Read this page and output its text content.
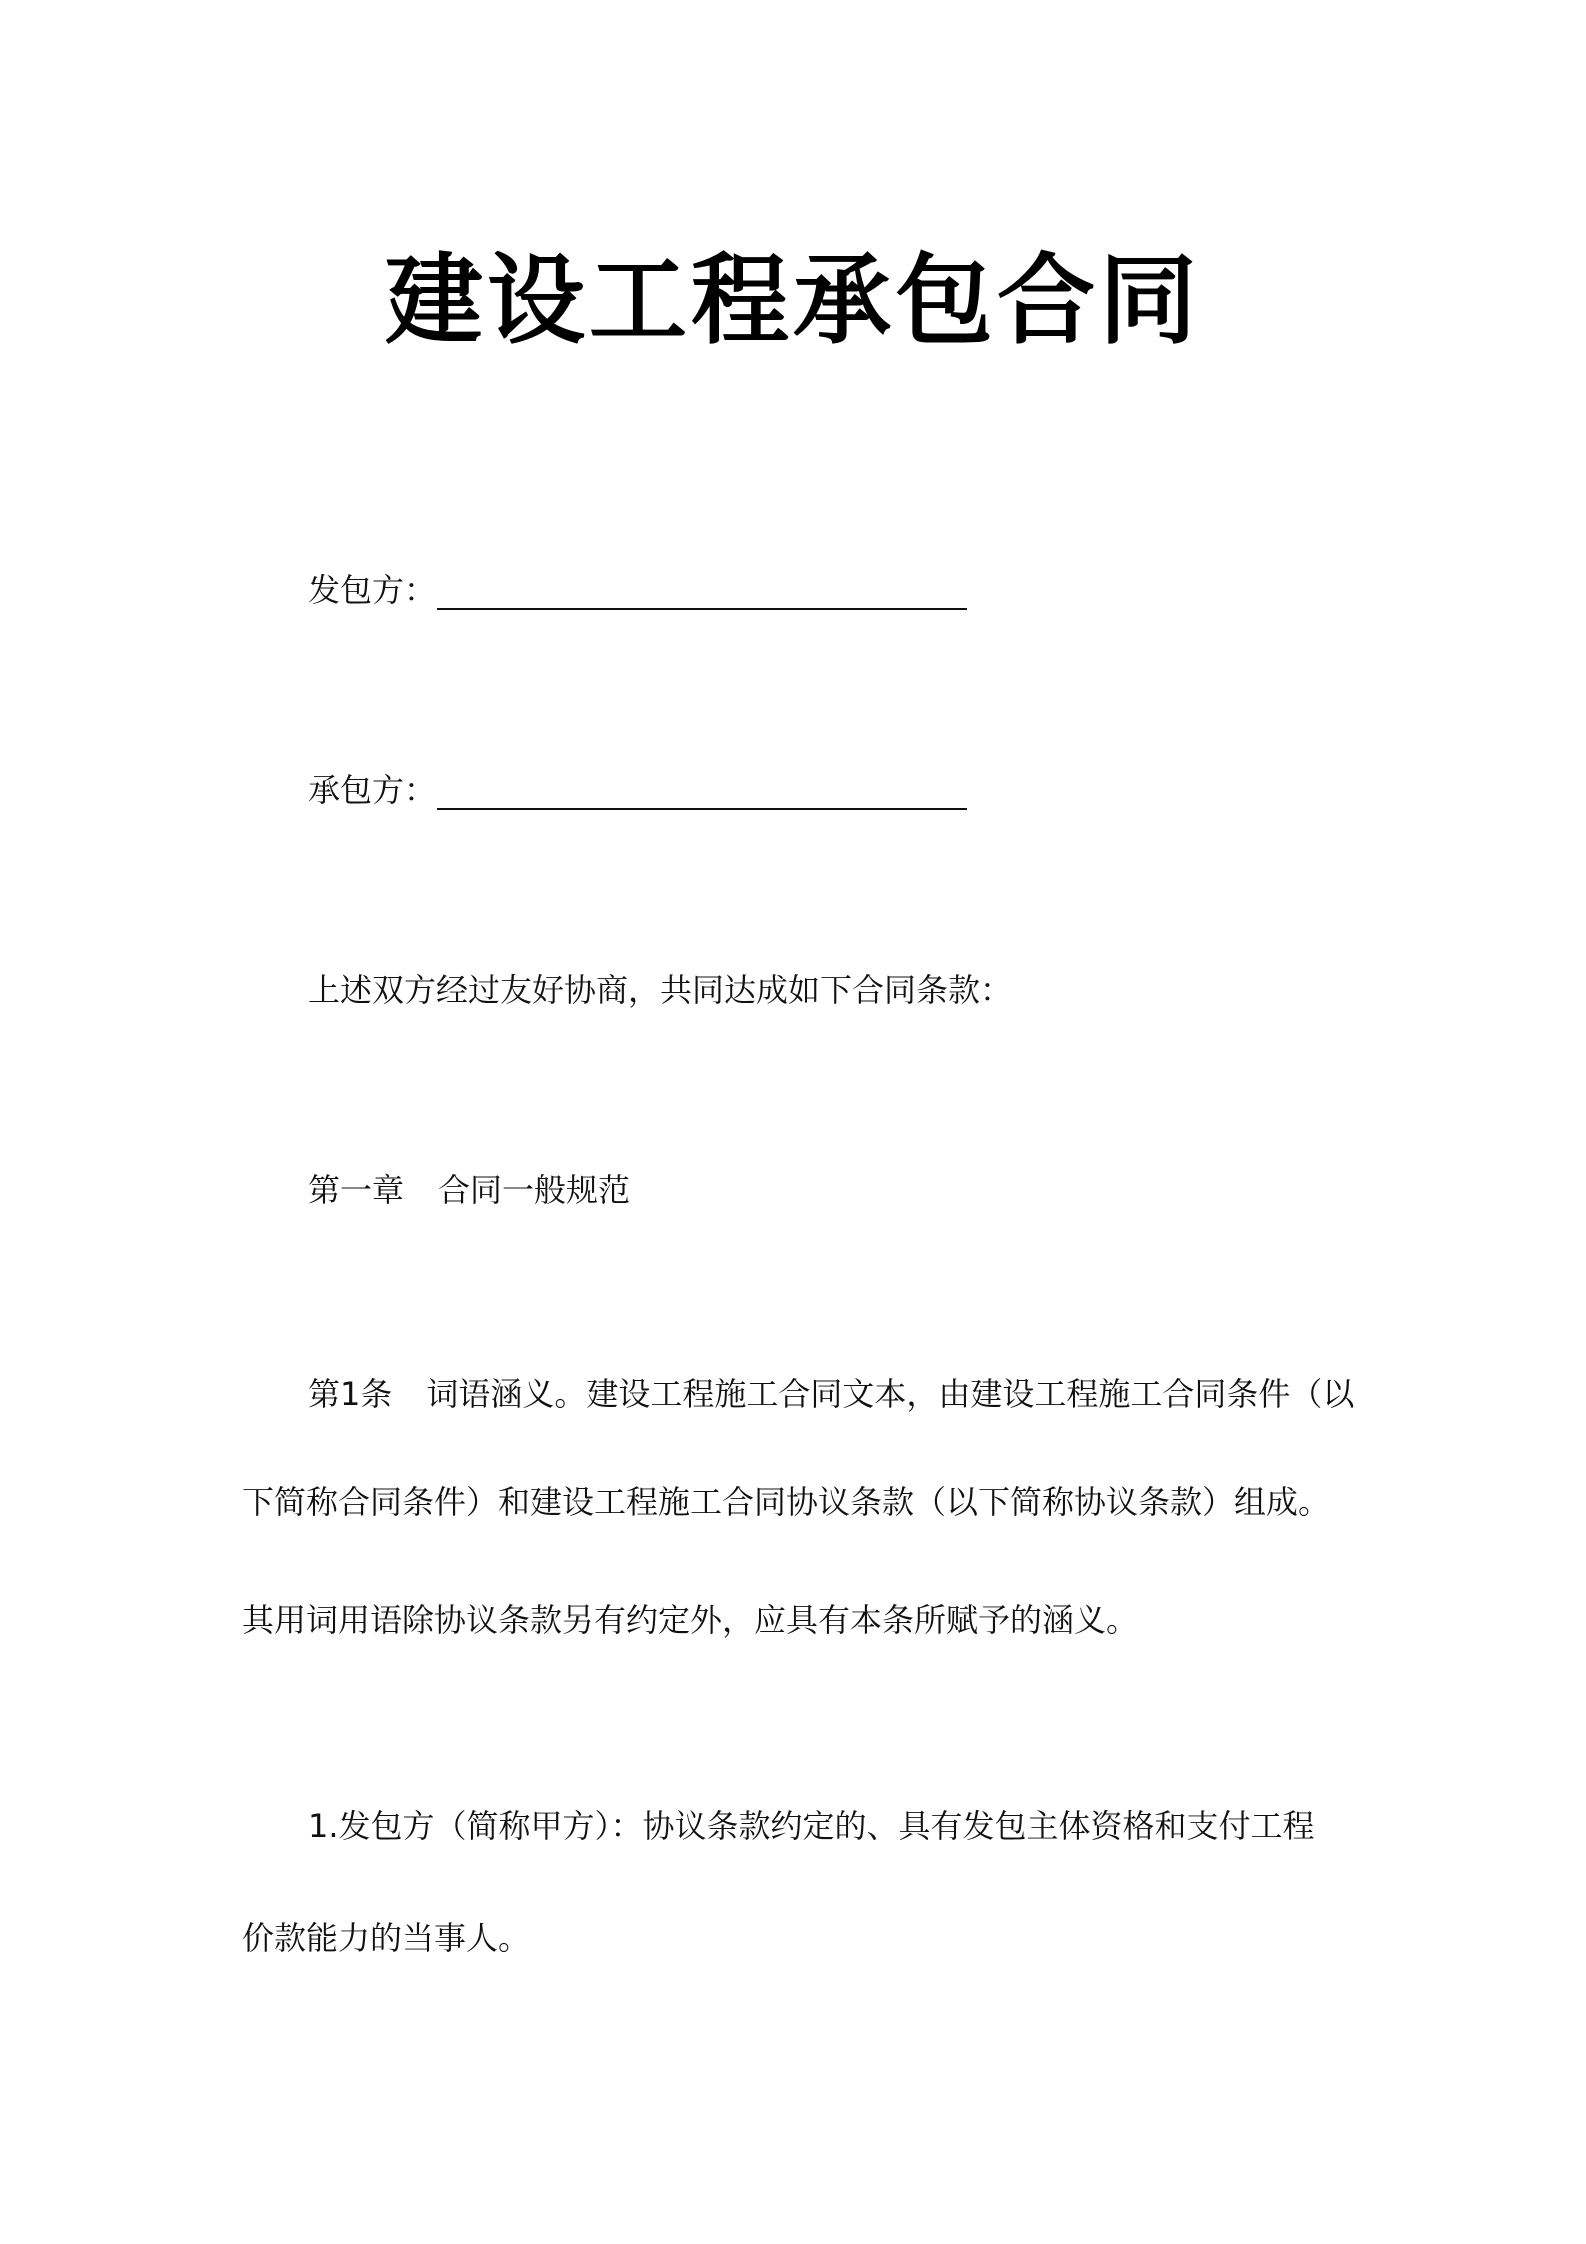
建设工程承包合同
发包方：
承包方：
上述双方经过友好协商，共同达成如下合同条款：
第一章 合同一般规范
第1条 词语涵义。建设工程施工合同文本，由建设工程施工合同条件（以
下简称合同条件）和建设工程施工合同协议条款（以下简称协议条款）组成。
其用词用语除协议条款另有约定外，应具有本条所赋予的涵义。
1.发包方（简称甲方）：协议条款约定的、具有发包主体资格和支付工程
价款能力的当事人。
